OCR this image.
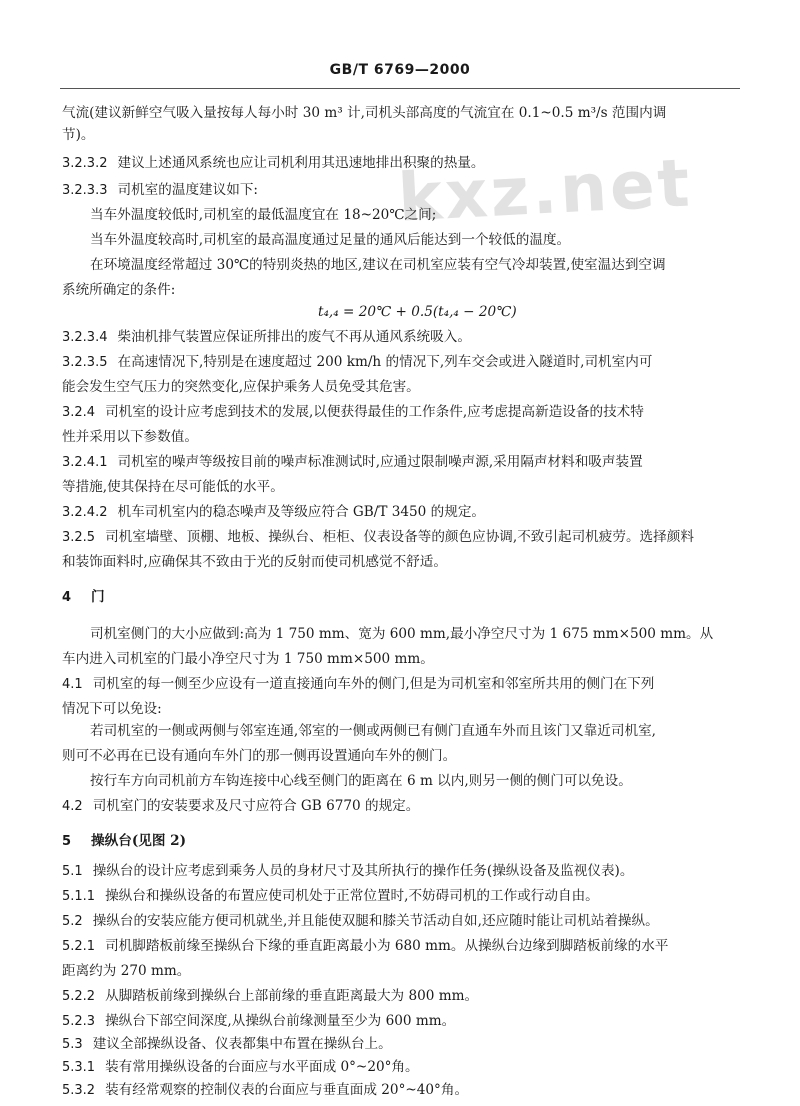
GB/T 6769—2000
kxz.net
气流(建议新鲜空气吸入量按每人每小时 30 m³ 计,司机头部高度的气流宜在 0.1~0.5 m³/s 范围内调
节)。
3.2.3.2 建议上述通风系统也应让司机利用其迅速地排出积聚的热量。
3.2.3.3 司机室的温度建议如下:
当车外温度较低时,司机室的最低温度宜在 18~20℃之间;
当车外温度较高时,司机室的最高温度通过足量的通风后能达到一个较低的温度。
在环境温度经常超过 30℃的特别炎热的地区,建议在司机室应装有空气冷却装置,使室温达到空调
系统所确定的条件:
t₄,₄ = 20℃ + 0.5(t₄,₄ − 20℃)
3.2.3.4 柴油机排气装置应保证所排出的废气不再从通风系统吸入。
3.2.3.5 在高速情况下,特别是在速度超过 200 km/h 的情况下,列车交会或进入隧道时,司机室内可
能会发生空气压力的突然变化,应保护乘务人员免受其危害。
3.2.4 司机室的设计应考虑到技术的发展,以便获得最佳的工作条件,应考虑提高新造设备的技术特
性并采用以下参数值。
3.2.4.1 司机室的噪声等级按目前的噪声标准测试时,应通过限制噪声源,采用隔声材料和吸声装置
等措施,使其保持在尽可能低的水平。
3.2.4.2 机车司机室内的稳态噪声及等级应符合 GB/T 3450 的规定。
3.2.5 司机室墙壁、顶棚、地板、操纵台、柜柜、仪表设备等的颜色应协调,不致引起司机疲劳。选择颜料
和装饰面料时,应确保其不致由于光的反射而使司机感觉不舒适。
4 门
司机室侧门的大小应做到:高为 1 750 mm、宽为 600 mm,最小净空尺寸为 1 675 mm×500 mm。从
车内进入司机室的门最小净空尺寸为 1 750 mm×500 mm。
4.1 司机室的每一侧至少应设有一道直接通向车外的侧门,但是为司机室和邻室所共用的侧门在下列
情况下可以免设:
若司机室的一侧或两侧与邻室连通,邻室的一侧或两侧已有侧门直通车外而且该门又靠近司机室,
则可不必再在已设有通向车外门的那一侧再设置通向车外的侧门。
按行车方向司机前方车钩连接中心线至侧门的距离在 6 m 以内,则另一侧的侧门可以免设。
4.2 司机室门的安装要求及尺寸应符合 GB 6770 的规定。
5 操纵台(见图 2)
5.1 操纵台的设计应考虑到乘务人员的身材尺寸及其所执行的操作任务(操纵设备及监视仪表)。
5.1.1 操纵台和操纵设备的布置应使司机处于正常位置时,不妨碍司机的工作或行动自由。
5.2 操纵台的安装应能方便司机就坐,并且能使双腿和膝关节活动自如,还应随时能让司机站着操纵。
5.2.1 司机脚踏板前缘至操纵台下缘的垂直距离最小为 680 mm。从操纵台边缘到脚踏板前缘的水平
距离约为 270 mm。
5.2.2 从脚踏板前缘到操纵台上部前缘的垂直距离最大为 800 mm。
5.2.3 操纵台下部空间深度,从操纵台前缘测量至少为 600 mm。
5.3 建议全部操纵设备、仪表都集中布置在操纵台上。
5.3.1 装有常用操纵设备的台面应与水平面成 0°~20°角。
5.3.2 装有经常观察的控制仪表的台面应与垂直面成 20°~40°角。
